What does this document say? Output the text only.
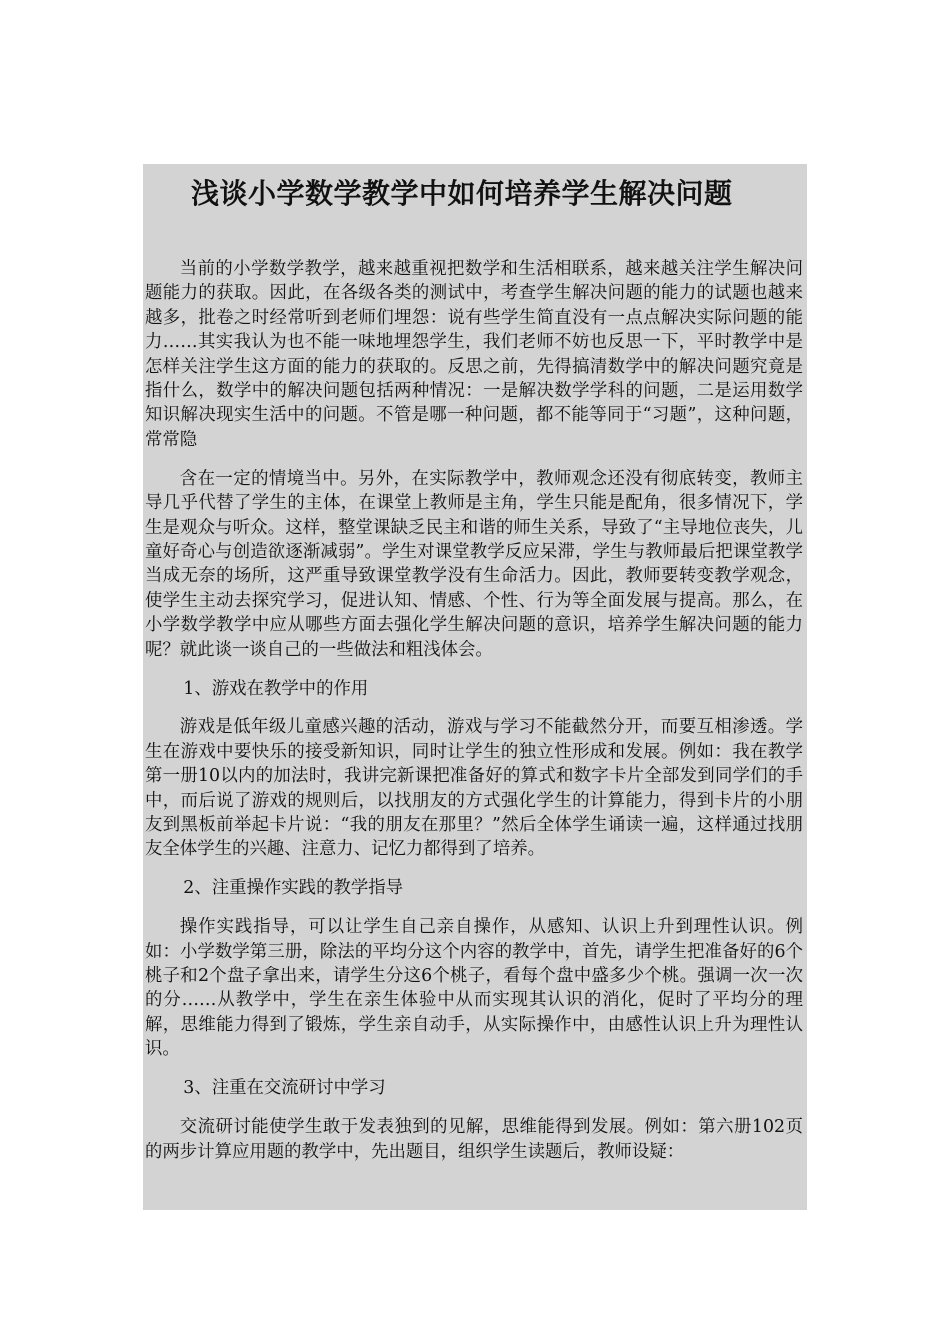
浅谈小学数学教学中如何培养学生解决问题

当前的小学数学教学，越来越重视把数学和生活相联系，越来越关注学生解决问题能力的获取。因此，在各级各类的测试中，考查学生解决问题的能力的试题也越来越多，批卷之时经常听到老师们埋怨：说有些学生简直没有一点点解决实际问题的能力……其实我认为也不能一味地埋怨学生，我们老师不妨也反思一下，平时教学中是怎样关注学生这方面的能力的获取的。反思之前，先得搞清数学中的解决问题究竟是指什么，数学中的解决问题包括两种情况：一是解决数学学科的问题，二是运用数学知识解决现实生活中的问题。不管是哪一种问题，都不能等同于“习题”，这种问题，常常隐

含在一定的情境当中。另外，在实际教学中，教师观念还没有彻底转变，教师主导几乎代替了学生的主体，在课堂上教师是主角，学生只能是配角，很多情况下，学生是观众与听众。这样，整堂课缺乏民主和谐的师生关系，导致了“主导地位丧失，儿童好奇心与创造欲逐渐减弱”。学生对课堂教学反应呆滞，学生与教师最后把课堂教学当成无奈的场所，这严重导致课堂教学没有生命活力。因此，教师要转变教学观念，使学生主动去探究学习，促进认知、情感、个性、行为等全面发展与提高。那么，在小学数学教学中应从哪些方面去强化学生解决问题的意识，培养学生解决问题的能力呢？就此谈一谈自己的一些做法和粗浅体会。

1、游戏在教学中的作用

游戏是低年级儿童感兴趣的活动，游戏与学习不能截然分开，而要互相渗透。学生在游戏中要快乐的接受新知识，同时让学生的独立性形成和发展。例如：我在教学第一册10以内的加法时，我讲完新课把准备好的算式和数字卡片全部发到同学们的手中，而后说了游戏的规则后，以找朋友的方式强化学生的计算能力，得到卡片的小朋友到黑板前举起卡片说：“我的朋友在那里？”然后全体学生诵读一遍，这样通过找朋友全体学生的兴趣、注意力、记忆力都得到了培养。

2、注重操作实践的教学指导

操作实践指导，可以让学生自己亲自操作，从感知、认识上升到理性认识。例如：小学数学第三册，除法的平均分这个内容的教学中，首先，请学生把准备好的6个桃子和2个盘子拿出来，请学生分这6个桃子，看每个盘中盛多少个桃。强调一次一次的分……从教学中，学生在亲生体验中从而实现其认识的消化，促时了平均分的理解，思维能力得到了锻炼，学生亲自动手，从实际操作中，由感性认识上升为理性认识。

3、注重在交流研讨中学习

交流研讨能使学生敢于发表独到的见解，思维能得到发展。例如：第六册102页的两步计算应用题的教学中，先出题目，组织学生读题后，教师设疑：
